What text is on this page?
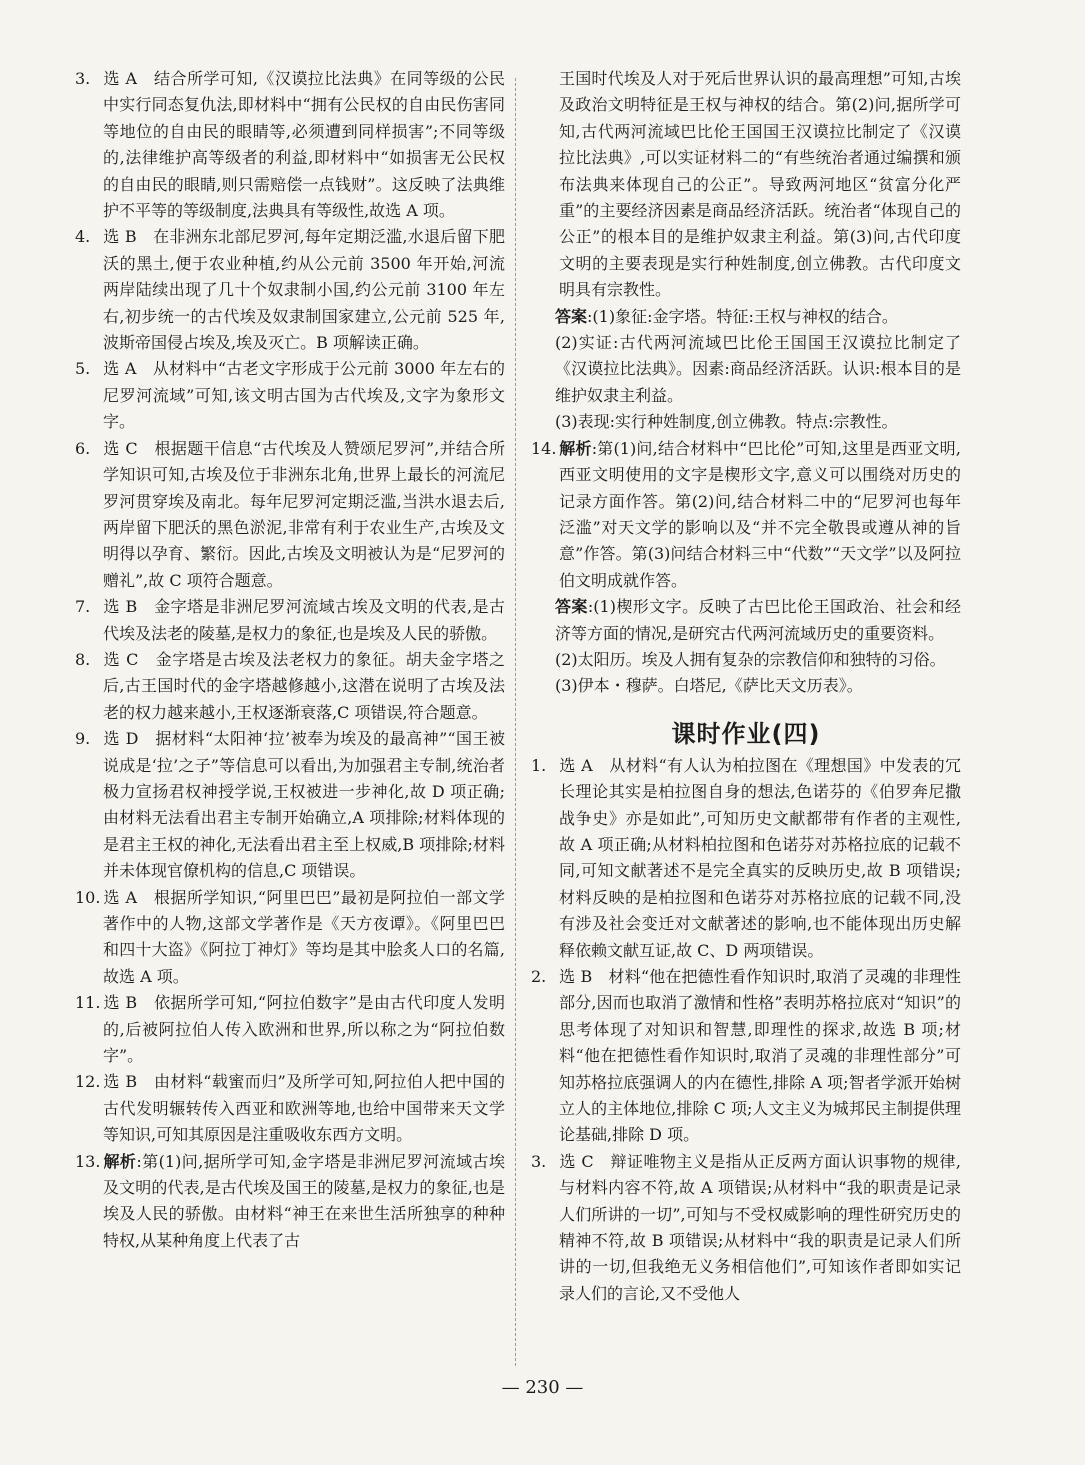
3. 选 A　结合所学可知,《汉谟拉比法典》在同等级的公民中实行同态复仇法,即材料中“拥有公民权的自由民伤害同等地位的自由民的眼睛等,必须遭到同样损害”;不同等级的,法律维护高等级者的利益,即材料中“如损害无公民权的自由民的眼睛,则只需赔偿一点钱财”。这反映了法典维护不平等的等级制度,法典具有等级性,故选 A 项。

4. 选 B　在非洲东北部尼罗河,每年定期泛滥,水退后留下肥沃的黑土,便于农业种植,约从公元前 3500 年开始,河流两岸陆续出现了几十个奴隶制小国,约公元前 3100 年左右,初步统一的古代埃及奴隶制国家建立,公元前 525 年,波斯帝国侵占埃及,埃及灭亡。B 项解读正确。

5. 选 A　从材料中“古老文字形成于公元前 3000 年左右的尼罗河流域”可知,该文明古国为古代埃及,文字为象形文字。

6. 选 C　根据题干信息“古代埃及人赞颂尼罗河”,并结合所学知识可知,古埃及位于非洲东北角,世界上最长的河流尼罗河贯穿埃及南北。每年尼罗河定期泛滥,当洪水退去后,两岸留下肥沃的黑色淤泥,非常有利于农业生产,古埃及文明得以孕育、繁衍。因此,古埃及文明被认为是“尼罗河的赠礼”,故 C 项符合题意。

7. 选 B　金字塔是非洲尼罗河流域古埃及文明的代表,是古代埃及法老的陵墓,是权力的象征,也是埃及人民的骄傲。

8. 选 C　金字塔是古埃及法老权力的象征。胡夫金字塔之后,古王国时代的金字塔越修越小,这潜在说明了古埃及法老的权力越来越小,王权逐渐衰落,C 项错误,符合题意。

9. 选 D　据材料“太阳神‘拉’被奉为埃及的最高神”“国王被说成是‘拉’之子”等信息可以看出,为加强君主专制,统治者极力宣扬君权神授学说,王权被进一步神化,故 D 项正确;由材料无法看出君主专制开始确立,A 项排除;材料体现的是君主王权的神化,无法看出君主至上权威,B 项排除;材料并未体现官僚机构的信息,C 项错误。

10. 选 A　根据所学知识,“阿里巴巴”最初是阿拉伯一部文学著作中的人物,这部文学著作是《天方夜谭》。《阿里巴巴和四十大盗》《阿拉丁神灯》等均是其中脍炙人口的名篇,故选 A 项。

11. 选 B　依据所学可知,“阿拉伯数字”是由古代印度人发明的,后被阿拉伯人传入欧洲和世界,所以称之为“阿拉伯数字”。

12. 选 B　由材料“载蜜而归”及所学可知,阿拉伯人把中国的古代发明辗转传入西亚和欧洲等地,也给中国带来天文学等知识,可知其原因是注重吸收东西方文明。

13. 解析:第(1)问,据所学可知,金字塔是非洲尼罗河流域古埃及文明的代表,是古代埃及国王的陵墓,是权力的象征,也是埃及人民的骄傲。由材料“神王在来世生活所独享的种种特权,从某种角度上代表了古

王国时代埃及人对于死后世界认识的最高理想”可知,古埃及政治文明特征是王权与神权的结合。第(2)问,据所学可知,古代两河流域巴比伦王国国王汉谟拉比制定了《汉谟拉比法典》,可以实证材料二的“有些统治者通过编撰和颁布法典来体现自己的公正”。导致两河地区“贫富分化严重”的主要经济因素是商品经济活跃。统治者“体现自己的公正”的根本目的是维护奴隶主利益。第(3)问,古代印度文明的主要表现是实行种姓制度,创立佛教。古代印度文明具有宗教性。

答案:(1)象征:金字塔。特征:王权与神权的结合。

(2)实证:古代两河流域巴比伦王国国王汉谟拉比制定了《汉谟拉比法典》。因素:商品经济活跃。认识:根本目的是维护奴隶主利益。

(3)表现:实行种姓制度,创立佛教。特点:宗教性。

14. 解析:第(1)问,结合材料中“巴比伦”可知,这里是西亚文明,西亚文明使用的文字是楔形文字,意义可以围绕对历史的记录方面作答。第(2)问,结合材料二中的“尼罗河也每年泛滥”对天文学的影响以及“并不完全敬畏或遵从神的旨意”作答。第(3)问结合材料三中“代数”“天文学”以及阿拉伯文明成就作答。

答案:(1)楔形文字。反映了古巴比伦王国政治、社会和经济等方面的情况,是研究古代两河流域历史的重要资料。

(2)太阳历。埃及人拥有复杂的宗教信仰和独特的习俗。

(3)伊本・穆萨。白塔尼,《萨比天文历表》。

课时作业(四)

1. 选 A　从材料“有人认为柏拉图在《理想国》中发表的冗长理论其实是柏拉图自身的想法,色诺芬的《伯罗奔尼撒战争史》亦是如此”,可知历史文献都带有作者的主观性,故 A 项正确;从材料柏拉图和色诺芬对苏格拉底的记载不同,可知文献著述不是完全真实的反映历史,故 B 项错误;材料反映的是柏拉图和色诺芬对苏格拉底的记载不同,没有涉及社会变迁对文献著述的影响,也不能体现出历史解释依赖文献互证,故 C、D 两项错误。

2. 选 B　材料“他在把德性看作知识时,取消了灵魂的非理性部分,因而也取消了激情和性格”表明苏格拉底对“知识”的思考体现了对知识和智慧,即理性的探求,故选 B 项;材料“他在把德性看作知识时,取消了灵魂的非理性部分”可知苏格拉底强调人的内在德性,排除 A 项;智者学派开始树立人的主体地位,排除 C 项;人文主义为城邦民主制提供理论基础,排除 D 项。

3. 选 C　辩证唯物主义是指从正反两方面认识事物的规律,与材料内容不符,故 A 项错误;从材料中“我的职责是记录人们所讲的一切”,可知与不受权威影响的理性研究历史的精神不符,故 B 项错误;从材料中“我的职责是记录人们所讲的一切,但我绝无义务相信他们”,可知该作者即如实记录人们的言论,又不受他人

— 230 —
